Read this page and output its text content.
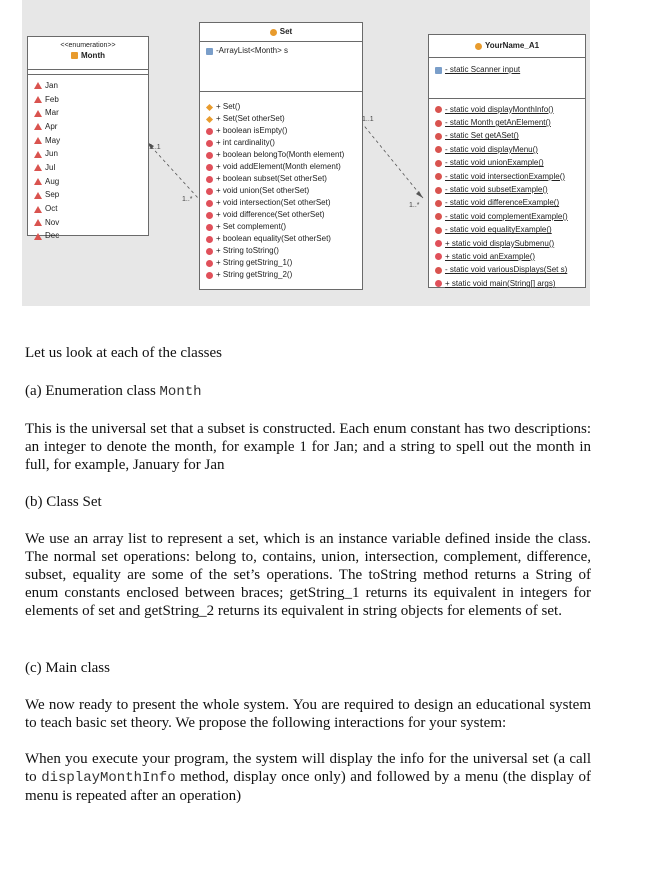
<<enumeration>>
Month
Jan
Feb
Mar
Apr
May
Jun
Jul
Aug
Sep
Oct
Nov
Dec
Set
-ArrayList<Month> s
+ Set()
+ Set(Set otherSet)
+ boolean isEmpty()
+ int cardinality()
+ boolean belongTo(Month element)
+ void addElement(Month element)
+ boolean subset(Set otherSet)
+ void union(Set otherSet)
+ void intersection(Set otherSet)
+ void difference(Set otherSet)
+ Set complement()
+ boolean equality(Set otherSet)
+ String toString()
+ String getString_1()
+ String getString_2()
YourName_A1
- static Scanner input
- static void displayMonthInfo()
- static Month getAnElement()
- static Set getASet()
- static void displayMenu()
- static void unionExample()
- static void intersectionExample()
- static void subsetExample()
- static void differenceExample()
- static void complementExample()
- static void equalityExample()
+ static void displaySubmenu()
+ static void anExample()
- static void variousDisplays(Set s)
+ static void main(String[] args)
1..1
1..*
1..1
1..*

Let us look at each of the classes

(a) Enumeration class Month

This is the universal set that a subset is constructed. Each enum constant has two descriptions: an integer to denote the month, for example 1 for Jan; and a string to spell out the month in full, for example, January for Jan

(b) Class Set

We use an array list to represent a set, which is an instance variable defined inside the class. The normal set operations: belong to, contains, union, intersection, complement, difference, subset, equality are some of the set’s operations. The toString method returns a String of enum constants enclosed between braces; getString_1 returns its equivalent in integers for elements of set and getString_2 returns its equivalent in string objects for elements of set.

(c) Main class

We now ready to present the whole system. You are required to design an educational system to teach basic set theory. We propose the following interactions for your system:

When you execute your program, the system will display the info for the universal set (a call to displayMonthInfo method, display once only) and followed by a menu (the display of menu is repeated after an operation)
